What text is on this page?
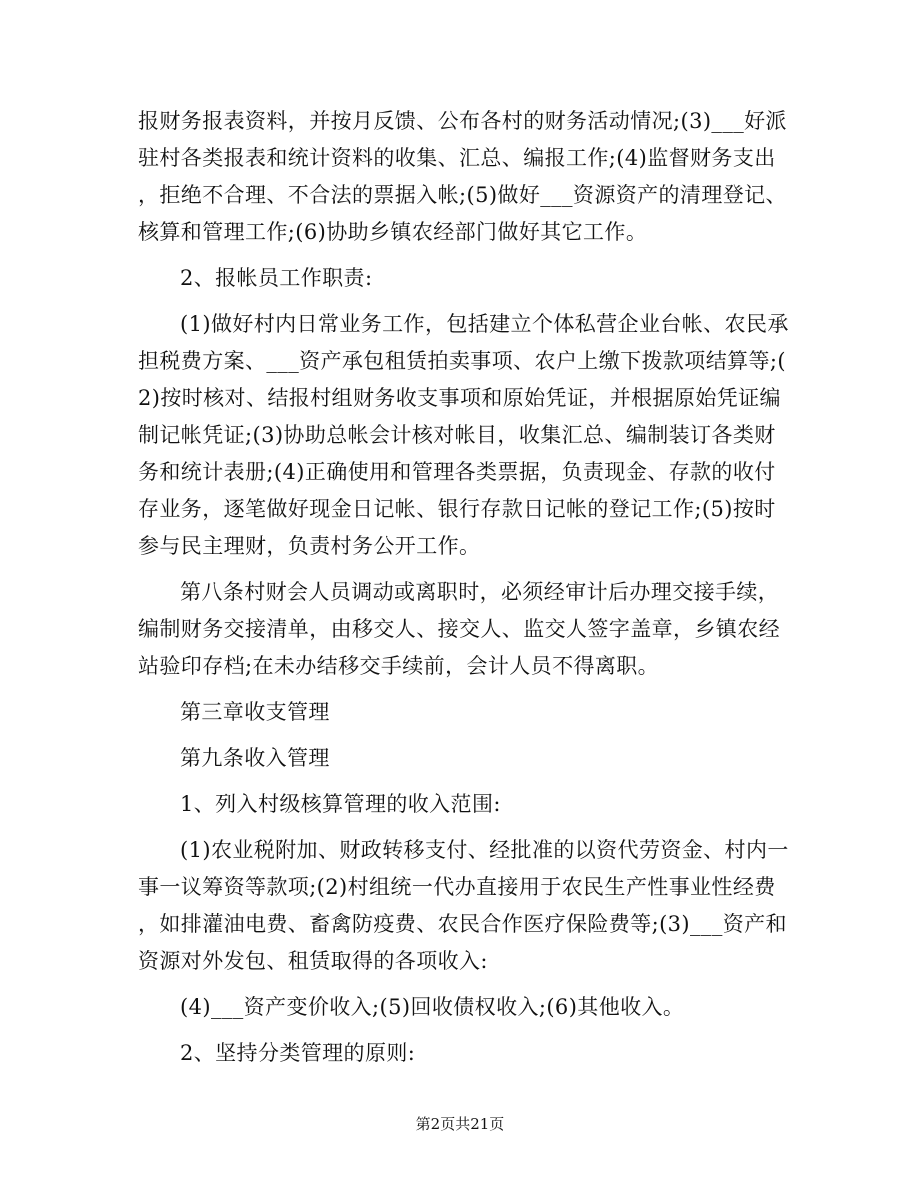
报财务报表资料，并按月反馈、公布各村的财务活动情况;(3)___好派
驻村各类报表和统计资料的收集、汇总、编报工作;(4)监督财务支出
，拒绝不合理、不合法的票据入帐;(5)做好___资源资产的清理登记、
核算和管理工作;(6)协助乡镇农经部门做好其它工作。

2、报帐员工作职责:

(1)做好村内日常业务工作，包括建立个体私营企业台帐、农民承
担税费方案、___资产承包租赁拍卖事项、农户上缴下拨款项结算等;(
2)按时核对、结报村组财务收支事项和原始凭证，并根据原始凭证编
制记帐凭证;(3)协助总帐会计核对帐目，收集汇总、编制装订各类财
务和统计表册;(4)正确使用和管理各类票据，负责现金、存款的收付
存业务，逐笔做好现金日记帐、银行存款日记帐的登记工作;(5)按时
参与民主理财，负责村务公开工作。

第八条村财会人员调动或离职时，必须经审计后办理交接手续，
编制财务交接清单，由移交人、接交人、监交人签字盖章，乡镇农经
站验印存档;在未办结移交手续前，会计人员不得离职。

第三章收支管理

第九条收入管理

1、列入村级核算管理的收入范围:

(1)农业税附加、财政转移支付、经批准的以资代劳资金、村内一
事一议筹资等款项;(2)村组统一代办直接用于农民生产性事业性经费
，如排灌油电费、畜禽防疫费、农民合作医疗保险费等;(3)___资产和
资源对外发包、租赁取得的各项收入:

(4)___资产变价收入;(5)回收债权收入;(6)其他收入。

2、坚持分类管理的原则:

第2页共21页
